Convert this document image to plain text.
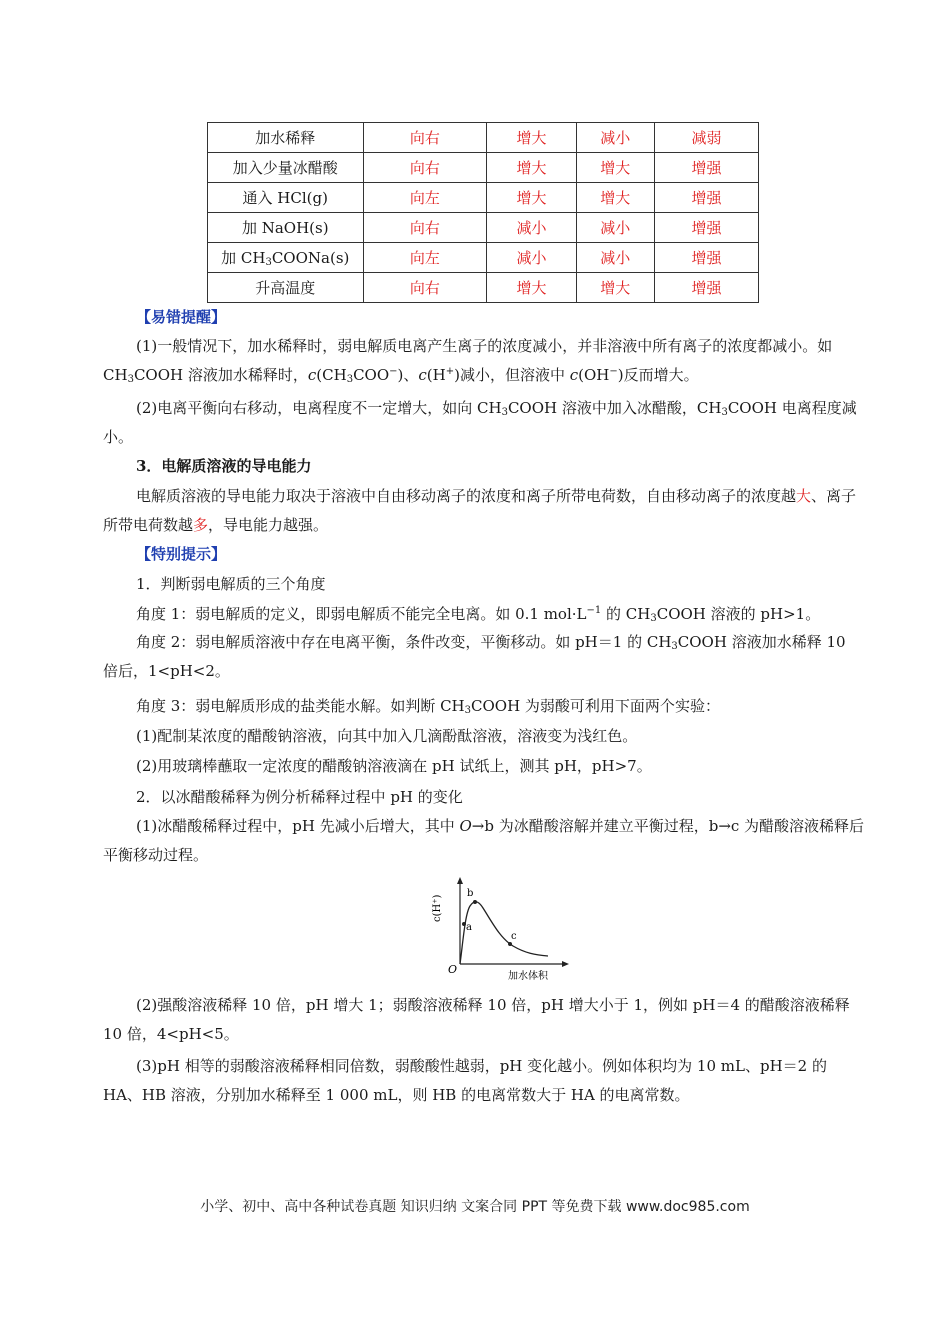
加水稀释	向右	增大	减小	减弱
加入少量冰醋酸	向右	增大	增大	增强
通入 HCl(g)	向左	增大	增大	增强
加 NaOH(s)	向右	减小	减小	增强
加 $CH_3COONa(s)$	向左	减小	减小	增强
升高温度	向右	增大	增大	增强

【易错提醒】

(1)一般情况下，加水稀释时，弱电解质电离产生离子的浓度减小，并非溶液中所有离子的浓度都减小。如 $CH_3COOH$ 溶液加水稀释时，$c(CH_3COO^-)$、c(H+)减小，但溶液中 c(OH−)反而增大。

(2)电离平衡向右移动，电离程度不一定增大，如向 $CH_3COOH$ 溶液中加入冰醋酸，$CH_3COOH$ 电离程度减小。

3．电解质溶液的导电能力

电解质溶液的导电能力取决于溶液中自由移动离子的浓度和离子所带电荷数，自由移动离子的浓度越大、离子所带电荷数越多，导电能力越强。

【特别提示】

1．判断弱电解质的三个角度

角度 1：弱电解质的定义，即弱电解质不能完全电离。如 0.1 $mol\cdot L^{-1}$ 的 $CH_3COOH$ 溶液的 pH>1。

角度 2：弱电解质溶液中存在电离平衡，条件改变，平衡移动。如 pH＝1 的 $CH_3COOH$ 溶液加水稀释 10 倍后，1<pH<2。

角度 3：弱电解质形成的盐类能水解。如判断 $CH_3COOH$ 为弱酸可利用下面两个实验：

(1)配制某浓度的醋酸钠溶液，向其中加入几滴酚酞溶液，溶液变为浅红色。

(2)用玻璃棒蘸取一定浓度的醋酸钠溶液滴在 pH 试纸上，测其 pH，pH>7。

2．以冰醋酸稀释为例分析稀释过程中 pH 的变化

(1)冰醋酸稀释过程中，pH 先减小后增大，其中 O→b 为冰醋酸溶解并建立平衡过程，b→c 为醋酸溶液稀释后平衡移动过程。

c(H⁺)
a
b
c
O
加水体积

(2)强酸溶液稀释 10 倍，pH 增大 1；弱酸溶液稀释 10 倍，pH 增大小于 1，例如 pH＝4 的醋酸溶液稀释 10 倍，4<pH<5。

(3)pH 相等的弱酸溶液稀释相同倍数，弱酸酸性越弱，pH 变化越小。例如体积均为 10 mL、pH＝2 的 HA、HB 溶液，分别加水稀释至 1 000 mL，则 HB 的电离常数大于 HA 的电离常数。

小学、初中、高中各种试卷真题 知识归纳 文案合同 PPT 等免费下载 www.doc985.com
